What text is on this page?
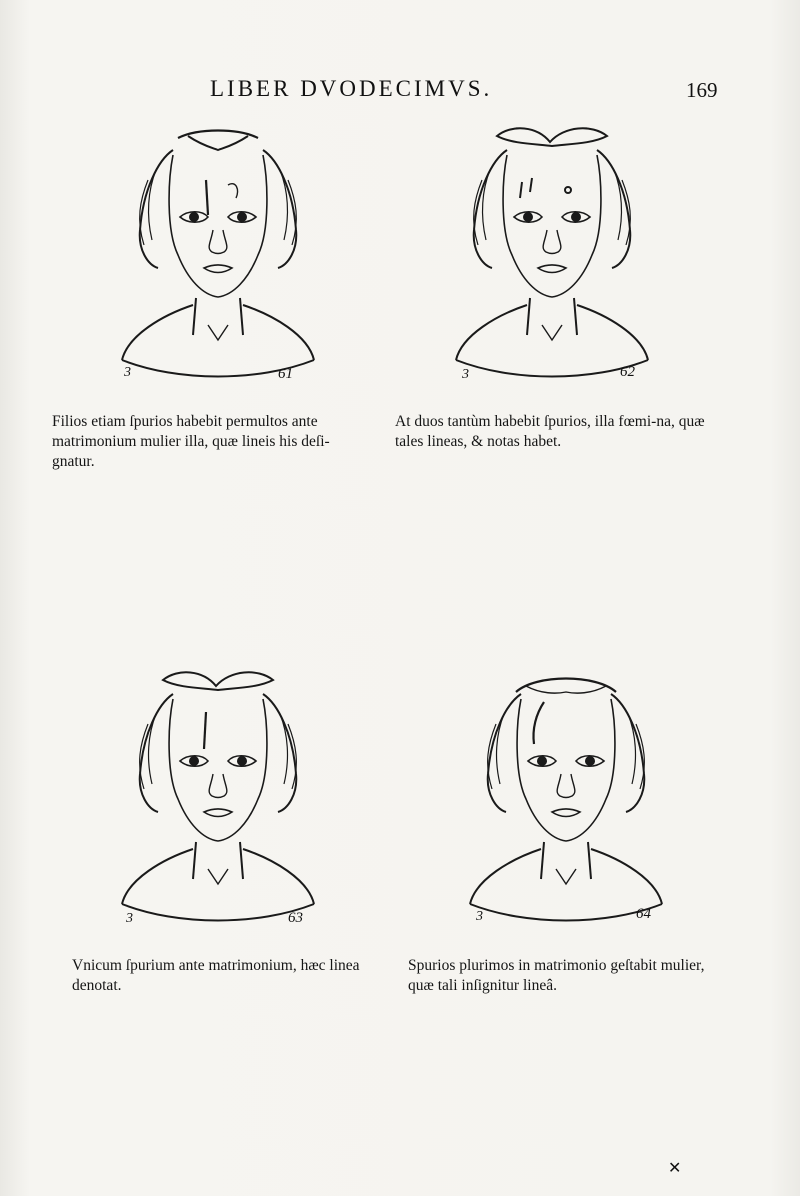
LIBER DVODECIMVS.	169
3	61	3	62
Filios etiam ſpurios habebit permultos ante matrimonium mulier illa, quæ lineis his deſi-gnatur.
At duos tantùm habebit ſpurios, illa fœmi-na, quæ tales lineas, & notas habet.
3	63	3	64
Vnicum ſpurium ante matrimonium, hæc linea denotat.
Spurios plurimos in matrimonio geſtabit mulier, quæ tali inſignitur lineâ.
✕
